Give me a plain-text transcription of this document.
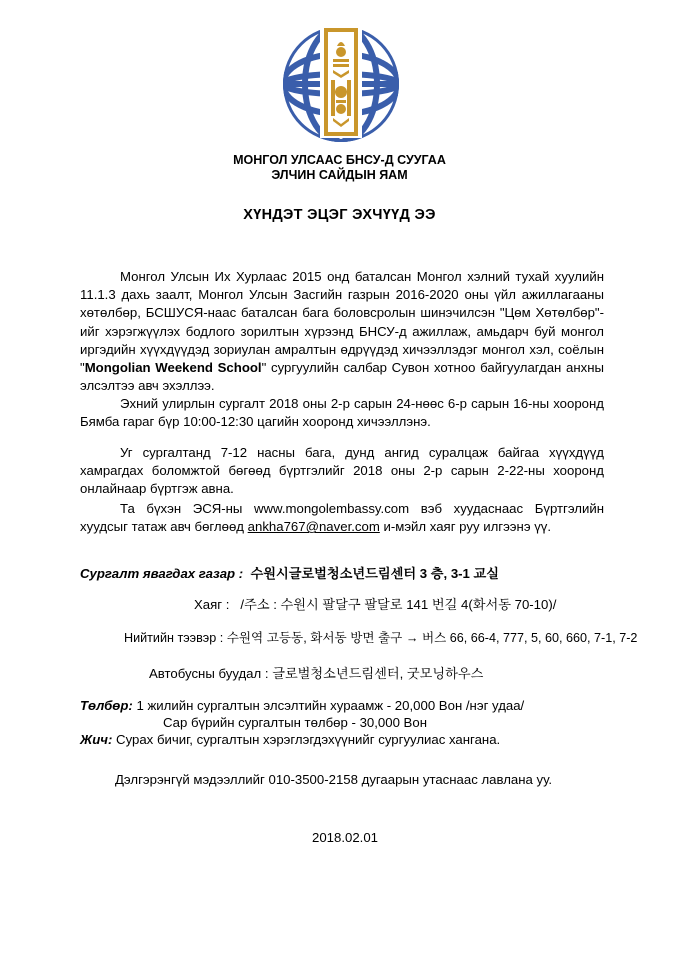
МОНГОЛ УЛСААС БНСУ-Д СУУГАА
ЭЛЧИН САЙДЫН ЯАМ
ХҮНДЭТ ЭЦЭГ ЭХЧҮҮД ЭЭ

Монгол Улсын Их Хурлаас 2015 онд баталсан Монгол хэлний тухай хуулийн 11.1.3 дахь заалт, Монгол Улсын Засгийн газрын 2016-2020 оны үйл ажиллагааны хөтөлбөр, БСШУСЯ-наас баталсан бага боловсролын шинэчилсэн "Цөм Хөтөлбөр"-ийг хэрэгжүүлэх бодлого зорилтын хүрээнд БНСУ-д ажиллаж, амьдарч буй монгол иргэдийн хүүхдүүдэд зориулан амралтын өдрүүдэд хичээллэдэг монгол хэл, соёлын "Mongolian Weekend School" сургуулийн салбар Сувон хотноо байгуулагдан анхны элсэлтээ авч эхэллээ.

Эхний улирлын сургалт 2018 оны 2-р сарын 24-нөөс 6-р сарын 16-ны хооронд Бямба гараг бүр 10:00-12:30 цагийн хооронд хичээллэнэ.

Уг сургалтанд 7-12 насны бага, дунд ангид суралцаж байгаа хүүхдүүд хамрагдах боломжтой бөгөөд бүртгэлийг 2018 оны 2-р сарын 2-22-ны хооронд онлайнаар бүртгэж авна.

Та бүхэн ЭСЯ-ны www.mongolembassy.com вэб хуудаснаас Бүртгэлийн хуудсыг татаж авч бөглөөд ankha767@naver.com и-мэйл хаяг руу илгээнэ үү.

Сургалт явагдах газар : 수원시글로벌청소년드림센터 3 층, 3-1 교실
Хаяг : /주소 : 수원시 팔달구 팔달로 141 번길 4(화서동 70-10)/
Нийтийн тээвэр : 수원역 고등동, 화서동 방면 출구 → 버스 66, 66-4, 777, 5, 60, 660, 7-1, 7-2
Автобусны буудал : 글로벌청소년드림센터, 굿모닝하우스
Төлбөр: 1 жилийн сургалтын элсэлтийн хураамж - 20,000 Вон /нэг удаа/
Сар бүрийн сургалтын төлбөр - 30,000 Вон
Жич: Сурах бичиг, сургалтын хэрэглэгдэхүүнийг сургуулиас хангана.
Дэлгэрэнгүй мэдээллийг 010-3500-2158 дугаарын утаснаас лавлана уу.
2018.02.01
